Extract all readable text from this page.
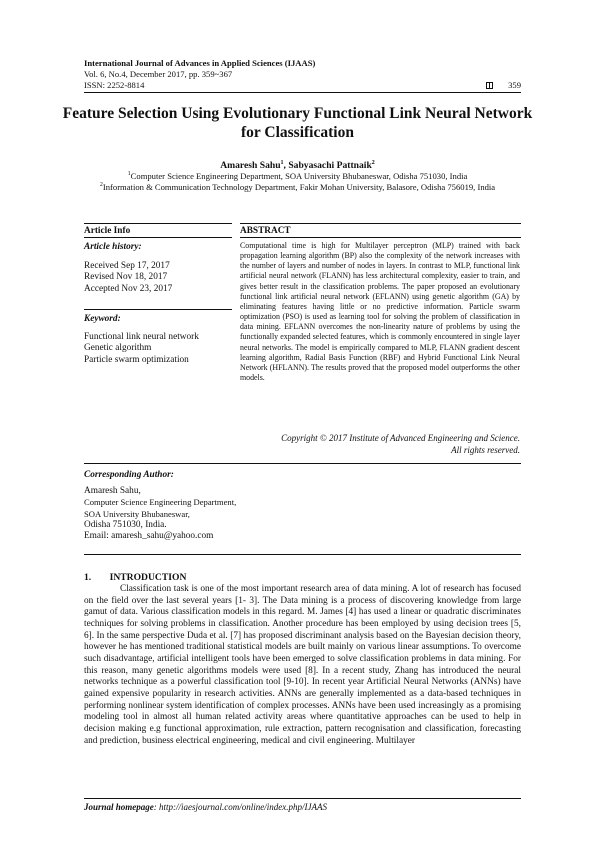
International Journal of Advances in Applied Sciences (IJAAS)
Vol. 6, No.4, December 2017, pp. 359~367
ISSN: 2252-8814	359
Feature Selection Using Evolutionary Functional Link Neural Network for Classification
Amaresh Sahu$^1$, Sabyasachi Pattnaik$^2$
$^1$Computer Science Engineering Department, SOA University Bhubaneswar, Odisha 751030, India
$^2$Information & Communication Technology Department, Fakir Mohan University, Balasore, Odisha 756019, India
Article Info
Article history:
Received Sep 17, 2017
Revised Nov 18, 2017
Accepted Nov 23, 2017
Keyword:
Functional link neural network
Genetic algorithm
Particle swarm optimization
ABSTRACT
Computational time is high for Multilayer perceptron (MLP) trained with back propagation learning algorithm (BP) also the complexity of the network increases with the number of layers and number of nodes in layers. In contrast to MLP, functional link artificial neural network (FLANN) has less architectural complexity, easier to train, and gives better result in the classification problems. The paper proposed an evolutionary functional link artificial neural network (EFLANN) using genetic algorithm (GA) by eliminating features having little or no predictive information. Particle swarm optimization (PSO) is used as learning tool for solving the problem of classification in data mining. EFLANN overcomes the non-linearity nature of problems by using the functionally expanded selected features, which is commonly encountered in single layer neural networks. The model is empirically compared to MLP, FLANN gradient descent learning algorithm, Radial Basis Function (RBF) and Hybrid Functional Link Neural Network (HFLANN). The results proved that the proposed model outperforms the other models.
Copyright © 2017 Institute of Advanced Engineering and Science.
All rights reserved.
Corresponding Author:
Amaresh Sahu,
Computer Science Engineering Department,
SOA University Bhubaneswar,
Odisha 751030, India.
Email: amaresh_sahu@yahoo.com
1. INTRODUCTION

Classification task is one of the most important research area of data mining. A lot of research has focused on the field over the last several years [1- 3]. The Data mining is a process of discovering knowledge from large gamut of data. Various classification models in this regard. M. James [4] has used a linear or quadratic discriminates techniques for solving problems in classification. Another procedure has been employed by using decision trees [5, 6]. In the same perspective Duda et al. [7] has proposed discriminant analysis based on the Bayesian decision theory, however he has mentioned traditional statistical models are built mainly on various linear assumptions. To overcome such disadvantage, artificial intelligent tools have been emerged to solve classification problems in data mining. For this reason, many genetic algorithms models were used [8]. In a recent study, Zhang has introduced the neural networks technique as a powerful classification tool [9-10]. In recent year Artificial Neural Networks (ANNs) have gained expensive popularity in research activities. ANNs are generally implemented as a data-based techniques in performing nonlinear system identification of complex processes. ANNs have been used increasingly as a promising modeling tool in almost all human related activity areas where quantitative approaches can be used to help in decision making e.g functional approximation, rule extraction, pattern recognisation and classification, forecasting and prediction, business electrical engineering, medical and civil engineering. Multilayer

Journal homepage: http://iaesjournal.com/online/index.php/IJAAS
